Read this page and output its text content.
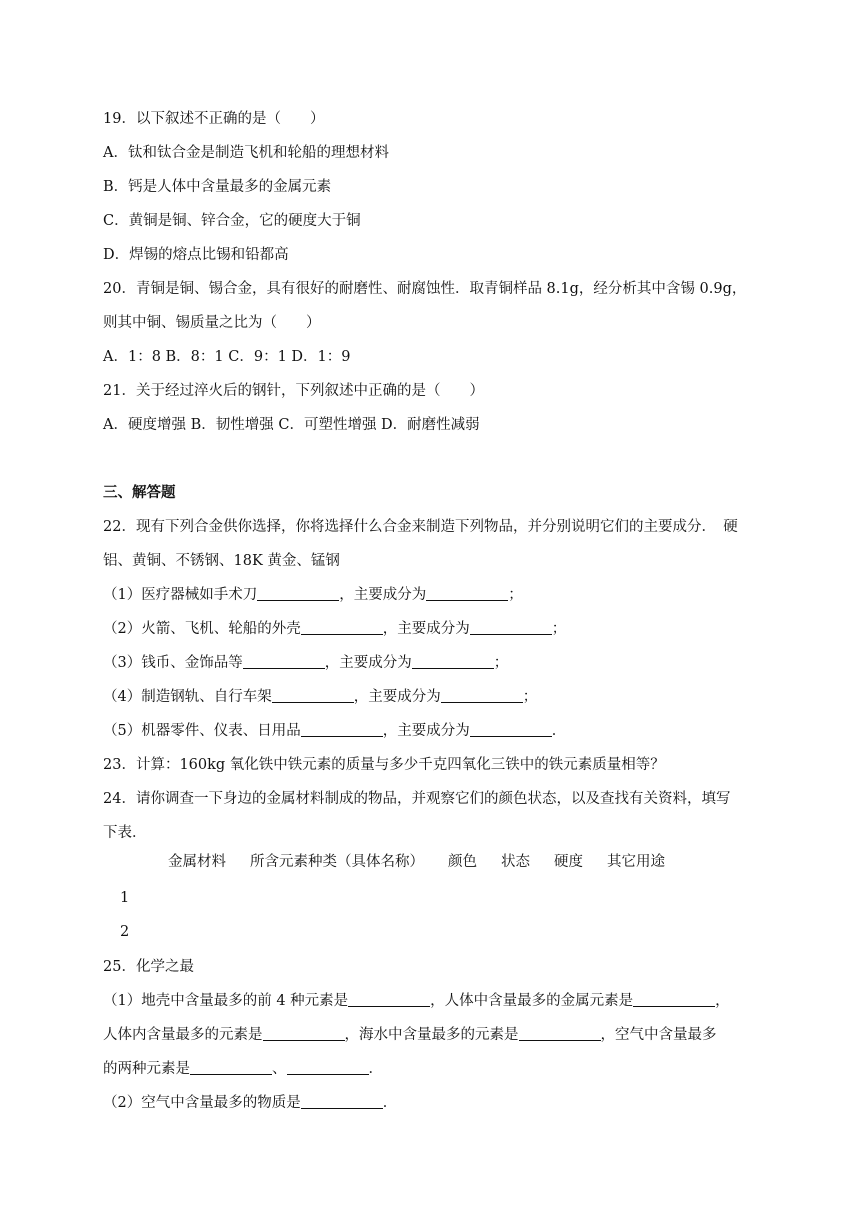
19．以下叙述不正确的是（　　）
A．钛和钛合金是制造飞机和轮船的理想材料
B．钙是人体中含量最多的金属元素
C．黄铜是铜、锌合金，它的硬度大于铜
D．焊锡的熔点比锡和铅都高
20．青铜是铜、锡合金，具有很好的耐磨性、耐腐蚀性．取青铜样品 8.1g，经分析其中含锡 0.9g，
则其中铜、锡质量之比为（　　）
A．1：8 B．8：1 C．9：1 D．1：9
21．关于经过淬火后的钢针，下列叙述中正确的是（　　）
A．硬度增强 B．韧性增强 C．可塑性增强 D．耐磨性减弱
三、解答题
22．现有下列合金供你选择，你将选择什么合金来制造下列物品，并分别说明它们的主要成分．　硬
铝、黄铜、不锈钢、18K 黄金、锰钢
（1）医疗器械如手术刀	，主要成分为	；
（2）火箭、飞机、轮船的外壳	，主要成分为	；
（3）钱币、金饰品等	，主要成分为	；
（4）制造钢轨、自行车架	，主要成分为	；
（5）机器零件、仪表、日用品	，主要成分为	．
23．计算：160kg 氧化铁中铁元素的质量与多少千克四氧化三铁中的铁元素质量相等？
24．请你调查一下身边的金属材料制成的物品，并观察它们的颜色状态，以及查找有关资料，填写
下表．
金属材料 所含元素种类（具体名称） 颜色 状态 硬度 其它用途
1
2
25．化学之最
（1）地壳中含量最多的前 4 种元素是	，人体中含量最多的金属元素是	，
人体内含量最多的元素是	，海水中含量最多的元素是	，空气中含量最多
的两种元素是	、	．
（2）空气中含量最多的物质是	．
